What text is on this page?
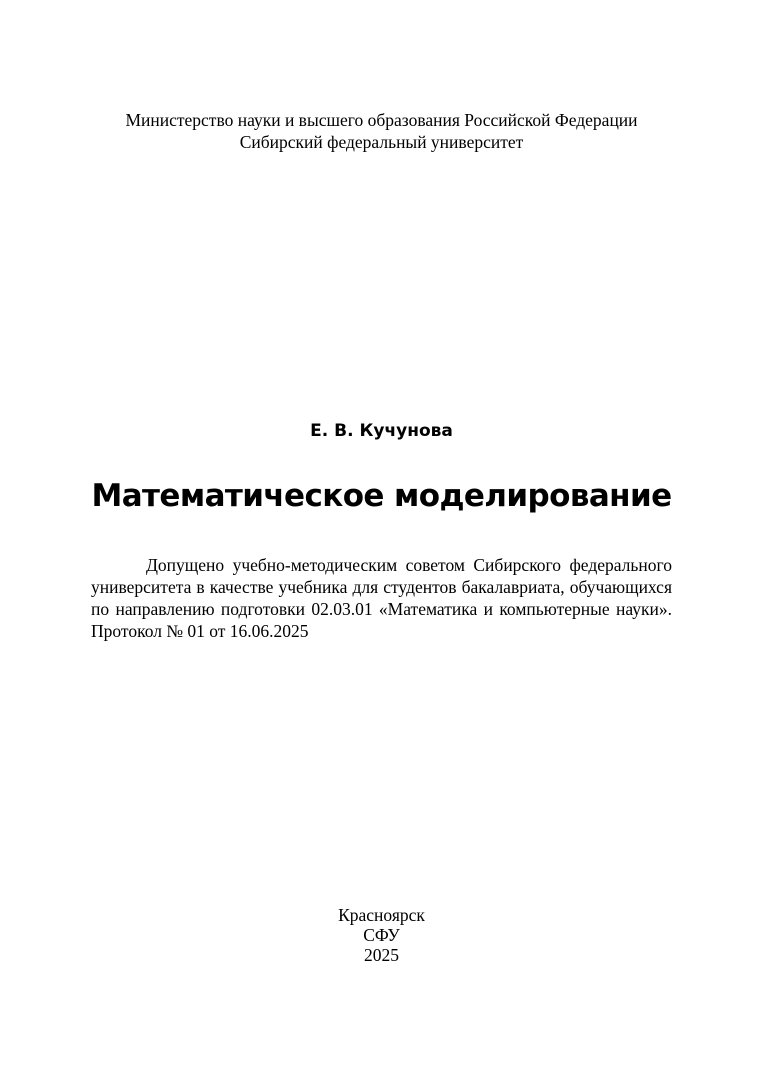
Министерство науки и высшего образования Российской Федерации
Сибирский федеральный университет
Е. В. Кучунова
Математическое моделирование
Допущено учебно-методическим советом Сибирского федерального
университета в качестве учебника для студентов бакалавриата, обучающихся
по направлению подготовки 02.03.01 «Математика и компьютерные науки».
Протокол № 01 от 16.06.2025
Красноярск
СФУ
2025
